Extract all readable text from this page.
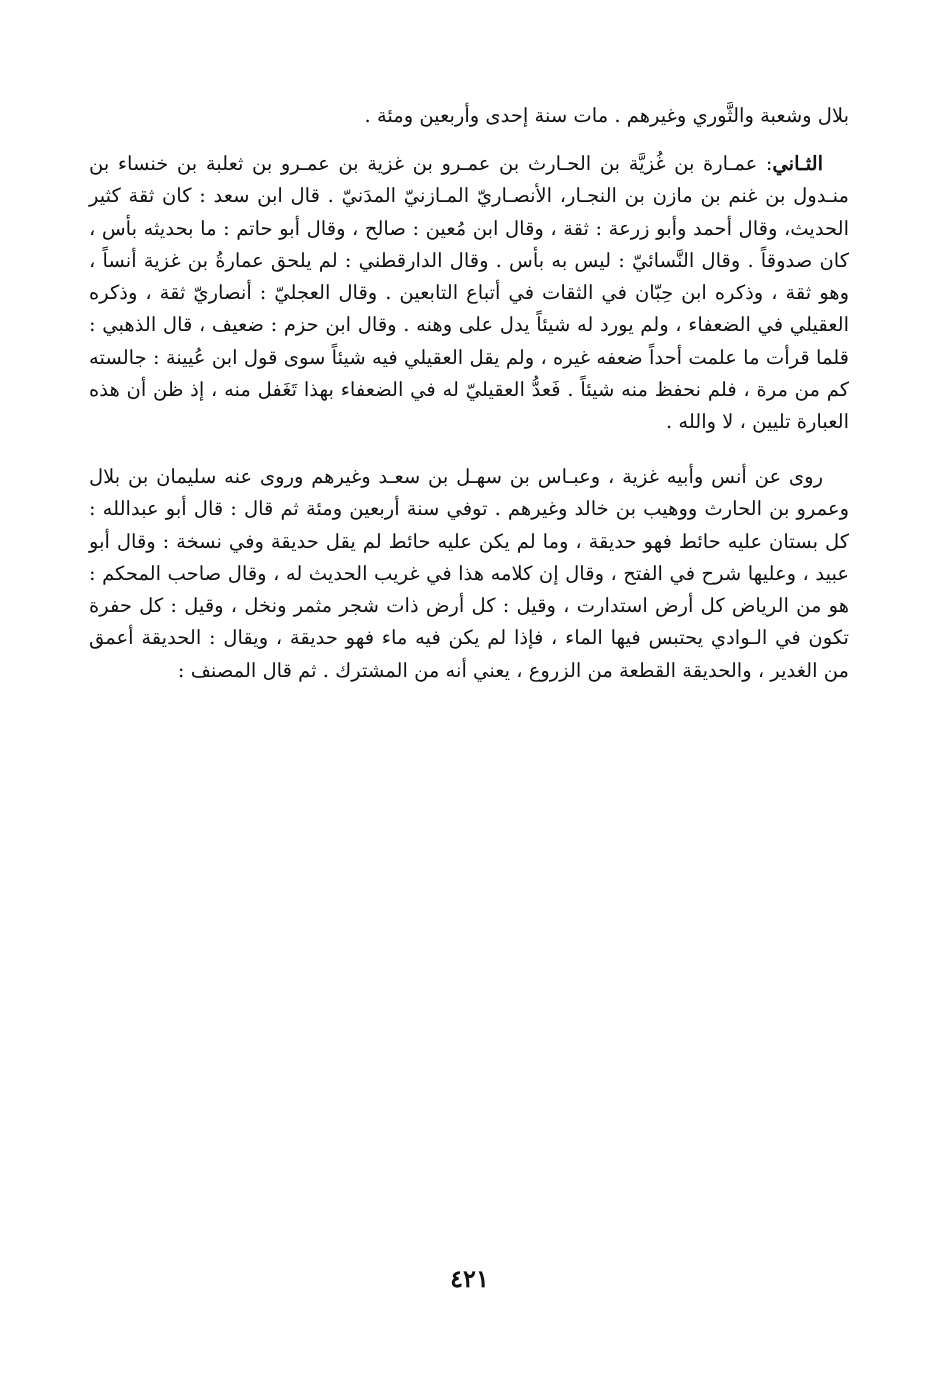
بلال وشعبة والثَّوري وغيرهم . مات سنة إحدى وأربعين ومئة .

الثـاني: عمـارة بن غُزيَّة بن الحـارث بن عمـرو بن غزية بن عمـرو بن ثعلبة بن خنساء بن منـدول بن غنم بن مازن بن النجـار، الأنصـاريّ المـازنيّ المدَنيّ . قال ابن سعد : كان ثقة كثير الحديث، وقال أحمد وأبو زرعة : ثقة ، وقال ابن مُعين : صالح ، وقال أبو حاتم : ما بحديثه بأس ، كان صدوقاً . وقال النَّسائيّ : ليس به بأس . وقال الدارقطني : لم يلحق عمارةُ بن غزية أنساً ، وهو ثقة ، وذكره ابن حِبّان في الثقات في أتباع التابعين . وقال العجليّ : أنصاريّ ثقة ، وذكره العقيلي في الضعفاء ، ولم يورد له شيئاً يدل على وهنه . وقال ابن حزم : ضعيف ، قال الذهبي : قلما قرأت ما علمت أحداً ضعفه غيره ، ولم يقل العقيلي فيه شيئاً سوى قول ابن عُيينة : جالسته كم من مرة ، فلم نحفظ منه شيئاً . فَعدُّ العقيليّ له في الضعفاء بهذا تَغَفل منه ، إذ ظن أن هذه العبارة تليين ، لا والله .

روى عن أنس وأبيه غزية ، وعبـاس بن سهـل بن سعـد وغيرهم وروى عنه سليمان بن بلال وعمرو بن الحارث ووهيب بن خالد وغيرهم . توفي سنة أربعين ومئة ثم قال : قال أبو عبدالله : كل بستان عليه حائط فهو حديقة ، وما لم يكن عليه حائط لم يقل حديقة وفي نسخة : وقال أبو عبيد ، وعليها شرح في الفتح ، وقال إن كلامه هذا في غريب الحديث له ، وقال صاحب المحكم : هو من الرياض كل أرض استدارت ، وقيل : كل أرض ذات شجر مثمر ونخل ، وقيل : كل حفرة تكون في الـوادي يحتبس فيها الماء ، فإذا لم يكن فيه ماء فهو حديقة ، ويقال : الحديقة أعمق من الغدير ، والحديقة القطعة من الزروع ، يعني أنه من المشترك . ثم قال المصنف :

٤٢١
